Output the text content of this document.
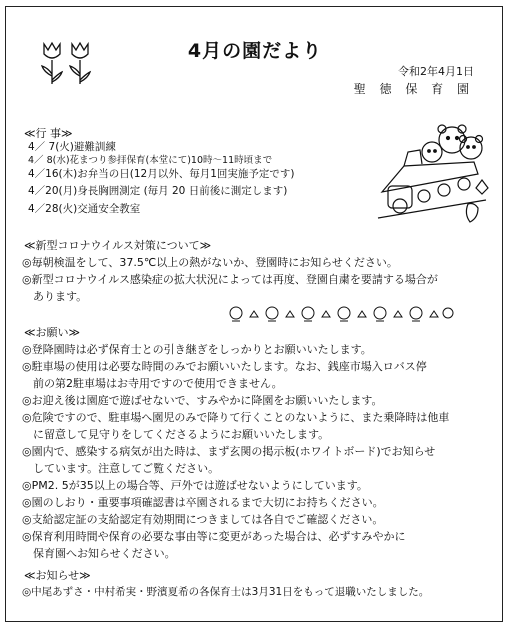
4月の園だより
令和2年4月1日
聖 徳 保 育 園
≪行 事≫
4／ 7(火)避難訓練
4／ 8(水)花まつり参拝保育(本堂にて)10時～11時頃まで
4／16(木)お弁当の日(12月以外、毎月1回実施予定です)
4／20(月)身長胸囲測定 (毎月 20 日前後に測定します)
4／28(火)交通安全教室
≪新型コロナウイルス対策について≫
◎毎朝検温をして、37.5℃以上の熱がないか、登園時にお知らせください。
◎新型コロナウイルス感染症の拡大状況によっては再度、登園自粛を要請する場合が
　あります。
≪お願い≫
◎登降園時は必ず保育士との引き継ぎをしっかりとお願いいたします。
◎駐車場の使用は必要な時間のみでお願いいたします。なお、銭座市場入ロバス停
　前の第2駐車場はお寺用ですので使用できません。
◎お迎え後は園庭で遊ばせないで、すみやかに降園をお願いいたします。
◎危険ですので、駐車場へ園児のみで降りて行くことのないように、また乗降時は他車
　に留意して見守りをしてくださるようにお願いいたします。
◎園内で、感染する病気が出た時は、まず玄関の掲示板(ホワイトボード)でお知らせ
　しています。注意してご覧ください。
◎PM2. 5が35以上の場合等、戸外では遊ばせないようにしています。
◎園のしおり・重要事項確認書は卒園されるまで大切にお持ちください。
◎支給認定証の支給認定有効期間につきましては各自でご確認ください。
◎保育利用時間や保育の必要な事由等に変更があった場合は、必ずすみやかに
　保育園へお知らせください。
≪お知らせ≫
◎中尾あずさ・中村希実・野濱夏希の各保育士は3月31日をもって退職いたしました。
